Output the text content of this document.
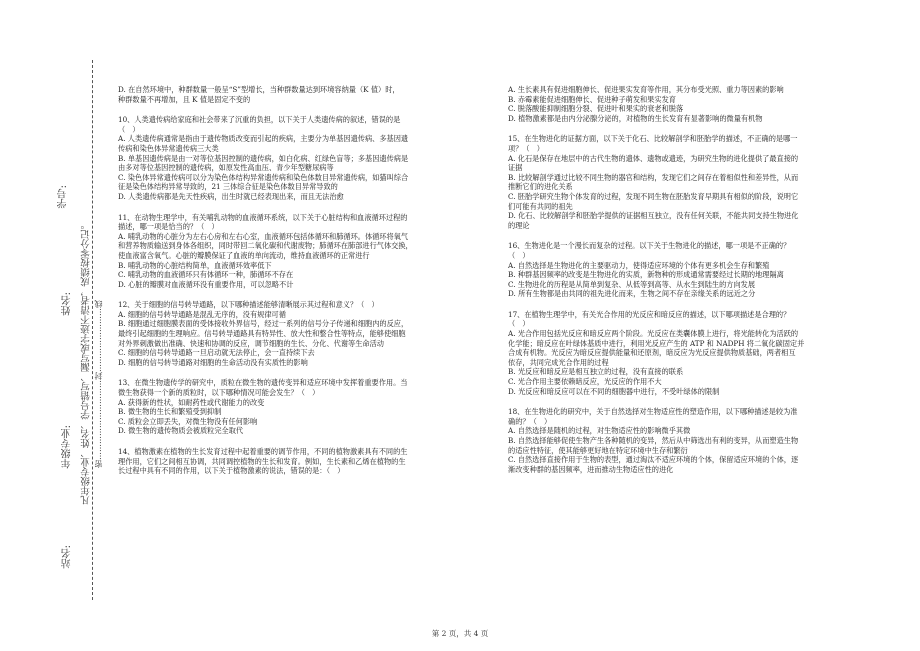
学号:
姓名:
年级专业:
站名:
凡年级专业、姓名、学号错写、漏写或字迹不清者，成绩按零分记。 密…………………………封……………………线

D. 在自然环境中，种群数量一般呈“S”型增长，当种群数量达到环境容纳量（K 值）时，

种群数量不再增加，且 K 值是固定不变的

10、人类遗传病给家庭和社会带来了沉重的负担，以下关于人类遗传病的叙述，错误的是

（　）

A. 人类遗传病通常是指由于遗传物质改变而引起的疾病，主要分为单基因遗传病、多基因遗

传病和染色体异常遗传病三大类

B. 单基因遗传病是由一对等位基因控制的遗传病，如白化病、红绿色盲等；多基因遗传病是

由多对等位基因控制的遗传病，如原发性高血压、青少年型糖尿病等

C. 染色体异常遗传病可以分为染色体结构异常遗传病和染色体数目异常遗传病，如猫叫综合

征是染色体结构异常导致的，21 三体综合征是染色体数目异常导致的

D. 人类遗传病都是先天性疾病，出生时就已经表现出来，而且无法治愈

11、在动物生理学中，有关哺乳动物的血液循环系统，以下关于心脏结构和血液循环过程的

描述，哪一项是恰当的？（　）

A. 哺乳动物的心脏分为左右心房和左右心室，血液循环包括体循环和肺循环。体循环将氧气

和营养物质输送到身体各组织，同时带回二氧化碳和代谢废物；肺循环在肺部进行气体交换，

使血液富含氧气。心脏的瓣膜保证了血液的单向流动，维持血液循环的正常进行

B. 哺乳动物的心脏结构简单，血液循环效率低下

C. 哺乳动物的血液循环只有体循环一种，肺循环不存在

D. 心脏的瓣膜对血液循环没有重要作用，可以忽略不计

12、关于细胞的信号转导通路，以下哪种描述能够清晰展示其过程和意义？（　）

A. 细胞的信号转导通路是混乱无序的，没有规律可循

B. 细胞通过细胞膜表面的受体接收外界信号，经过一系列的信号分子传递和细胞内的反应，

最终引起细胞的生理响应。信号转导通路具有特异性、放大性和整合性等特点，能够使细胞

对外界刺激做出准确、快速和协调的反应，调节细胞的生长、分化、代谢等生命活动

C. 细胞的信号转导通路一旦启动就无法停止，会一直持续下去

D. 细胞的信号转导通路对细胞的生命活动没有实质性的影响

13、在微生物遗传学的研究中，质粒在微生物的遗传变异和适应环境中发挥着重要作用。当

微生物获得一个新的质粒时，以下哪种情况可能会发生？（　）

A. 获得新的性状，如耐药性或代谢能力的改变

B. 微生物的生长和繁殖受到抑制

C. 质粒会立即丢失，对微生物没有任何影响

D. 微生物的遗传物质会被质粒完全取代

14、植物激素在植物的生长发育过程中起着重要的调节作用，不同的植物激素具有不同的生

理作用，它们之间相互协调，共同调控植物的生长和发育。例如，生长素和乙烯在植物的生

长过程中具有不同的作用，以下关于植物激素的说法，错误的是：（　）

A. 生长素具有促进细胞伸长、促进果实发育等作用，其分布受光照、重力等因素的影响

B. 赤霉素能促进细胞伸长、促进种子萌发和果实发育

C. 脱落酸能抑制细胞分裂、促进叶和果实的衰老和脱落

D. 植物激素都是由内分泌腺分泌的，对植物的生长发育有显著影响的微量有机物

15、在生物进化的证据方面，以下关于化石、比较解剖学和胚胎学的描述，不正确的是哪一

项？（　）

A. 化石是保存在地层中的古代生物的遗体、遗物或遗迹，为研究生物的进化提供了最直接的

证据

B. 比较解剖学通过比较不同生物的器官和结构，发现它们之间存在着相似性和差异性，从而

推断它们的进化关系

C. 胚胎学研究生物个体发育的过程，发现不同生物在胚胎发育早期具有相似的阶段，说明它

们可能有共同的祖先

D. 化石、比较解剖学和胚胎学提供的证据相互独立，没有任何关联，不能共同支持生物进化

的理论

16、生物进化是一个漫长而复杂的过程。以下关于生物进化的描述，哪一项是不正确的？

（　）

A. 自然选择是生物进化的主要驱动力，使得适应环境的个体有更多机会生存和繁殖

B. 种群基因频率的改变是生物进化的实质，新物种的形成通常需要经过长期的地理隔离

C. 生物进化的历程是从简单到复杂、从低等到高等、从水生到陆生的方向发展

D. 所有生物都是由共同的祖先进化而来，生物之间不存在亲缘关系的远近之分

17、在植物生理学中，有关光合作用的光反应和暗反应的描述，以下哪项描述是合理的？

（　）

A. 光合作用包括光反应和暗反应两个阶段。光反应在类囊体膜上进行，将光能转化为活跃的

化学能；暗反应在叶绿体基质中进行，利用光反应产生的 ATP 和 NADPH 将二氧化碳固定并

合成有机物。光反应为暗反应提供能量和还原剂，暗反应为光反应提供物质基础，两者相互

依存，共同完成光合作用的过程

B. 光反应和暗反应是相互独立的过程，没有直接的联系

C. 光合作用主要依赖暗反应，光反应的作用不大

D. 光反应和暗反应可以在不同的细胞器中进行，不受叶绿体的限制

18、在生物进化的研究中，关于自然选择对生物适应性的塑造作用，以下哪种描述是较为准

确的？（　）

A. 自然选择是随机的过程，对生物适应性的影响微乎其微

B. 自然选择能够促使生物产生各种随机的变异，然后从中筛选出有利的变异，从而塑造生物

的适应性特征，使其能够更好地在特定环境中生存和繁衍

C. 自然选择直接作用于生物的表型，通过淘汰不适应环境的个体，保留适应环境的个体，逐

渐改变种群的基因频率，进而推动生物适应性的进化

第 2 页，共 4 页
